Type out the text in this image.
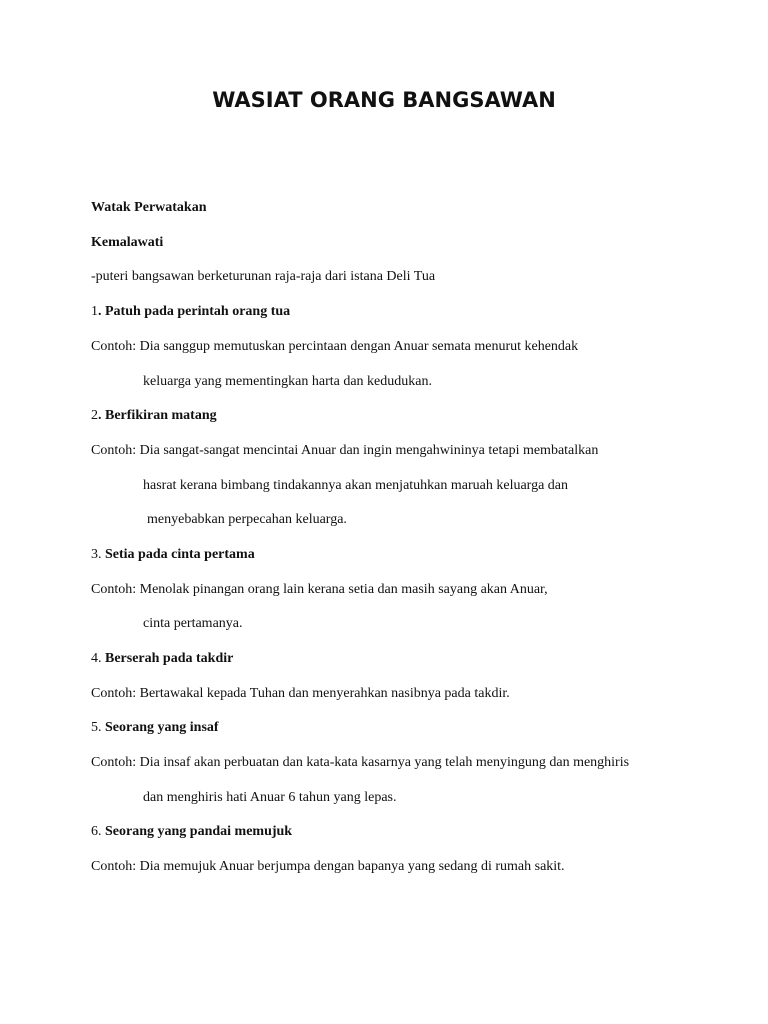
WASIAT ORANG BANGSAWAN
Watak Perwatakan
Kemalawati
-puteri bangsawan berketurunan raja-raja dari istana Deli Tua
1. Patuh pada perintah orang tua
Contoh: Dia sanggup memutuskan percintaan dengan Anuar semata menurut kehendak
keluarga yang mementingkan harta dan kedudukan.
2. Berfikiran matang
Contoh: Dia sangat-sangat mencintai Anuar dan ingin mengahwininya tetapi membatalkan
hasrat kerana bimbang tindakannya akan menjatuhkan maruah keluarga dan
menyebabkan perpecahan keluarga.
3. Setia pada cinta pertama
Contoh: Menolak pinangan orang lain kerana setia dan masih sayang akan Anuar,
cinta pertamanya.
4. Berserah pada takdir
Contoh: Bertawakal kepada Tuhan dan menyerahkan nasibnya pada takdir.
5. Seorang yang insaf
Contoh: Dia insaf akan perbuatan dan kata-kata kasarnya yang telah menyingung dan menghiris
dan menghiris hati Anuar 6 tahun yang lepas.
6. Seorang yang pandai memujuk
Contoh: Dia memujuk Anuar berjumpa dengan bapanya yang sedang di rumah sakit.
